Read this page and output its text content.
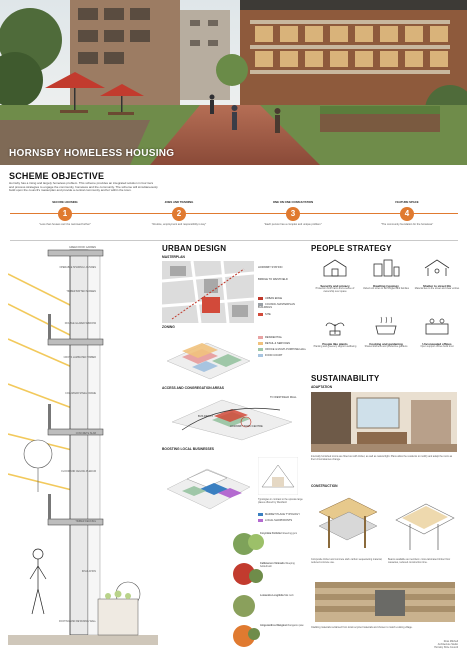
HORNSBY HOMELESS HOUSING
SCHEME OBJECTIVE
Hornsby has a rising and largely homeless problem. This scheme provides an integrated solution in four tiers and process strategies to engage the community, homeless and the community. The scheme will simultaneously build upon the council's masterplan and provide a central community anchor within the town.
SECURE HOUSING
1
"Less than houses can't be narrowed further"
JOBS AND TRAINING
2
"Routine, employment and responsibility is key"
ONE ON ONE CONSULTATION
3
"Each person has a complex and unique problem"
FEATURE SPACE
4
"The community foundation for the homeless"
GREEN ROOF GARDEN
OPERABLE SHADING LOUVRES
TIMBER BATTEN SCREEN
DOUBLE GLAZED WINDOW
CROSS LAMINATED TIMBER
COLUMNAR STEEL FRAME
CONCRETE SLAB
FLOOR AND CEILING PLENUM
TIMBER DECKING
INSULATION
FOOTING AND RETAINING WALL
URBAN DESIGN
MASTERPLAN
HORNSBY STATION
BRIDGE TO WESTFIELD
URBAN EDGE
COUNCIL MASTERPLAN BUILDINGS
SITE
ZONING
RESIDENTIAL
RETAIL & SERVICES
OFFICE & MULTI-PURPOSE HALL
FOOD COURT
ACCESS AND CONGREGATION AREAS
TO WESTFIELD MALL
BUS DEPOT
HORNSBY TOWN CENTRE
BOOSTING LOCAL BUSINESSES
Typologies in contrast to the upscale large places offered by Westfield
MARKET PLACE TYPOLOGY
LOCAL SHOPFRONTS
Corymbia Ficifolia Flowering gum
Callistemon Viminalis Weeping bottlebrush
Lomandra Longifolia Mat rush
Anigozanthos Manglesii Kangaroo paw
PEOPLE STRATEGY
Security and privacy
Protection from harm and a sense of ownership over space
Dwelling typology
Varied unit sizes to suit singles and families
Shelter to street life
Material ties to the street and clear entries
People like plants
Planting and greenery support wellbeing
Cooking and gardening
Shared kitchens and productive gardens
Unconcealed offices
Open support offices build trust
SUSTAINABILITY
ADAPTATION
Internally furnished rooms are fitted out with timber, as well as natural light. Plans allow the residents to modify and adapt the room as their circumstances change.
CONSTRUCTION
Composite timber and concrete slab: carbon sequestering material, reduced concrete use.
Beams available as members: cross-laminated timber floor cassettes, reduced construction time.
Cladding materials reclaimed from local recycled materials and chosen to match existing village.
Ross Mitchell
Architecture Studio
Hornsby Shire Council
